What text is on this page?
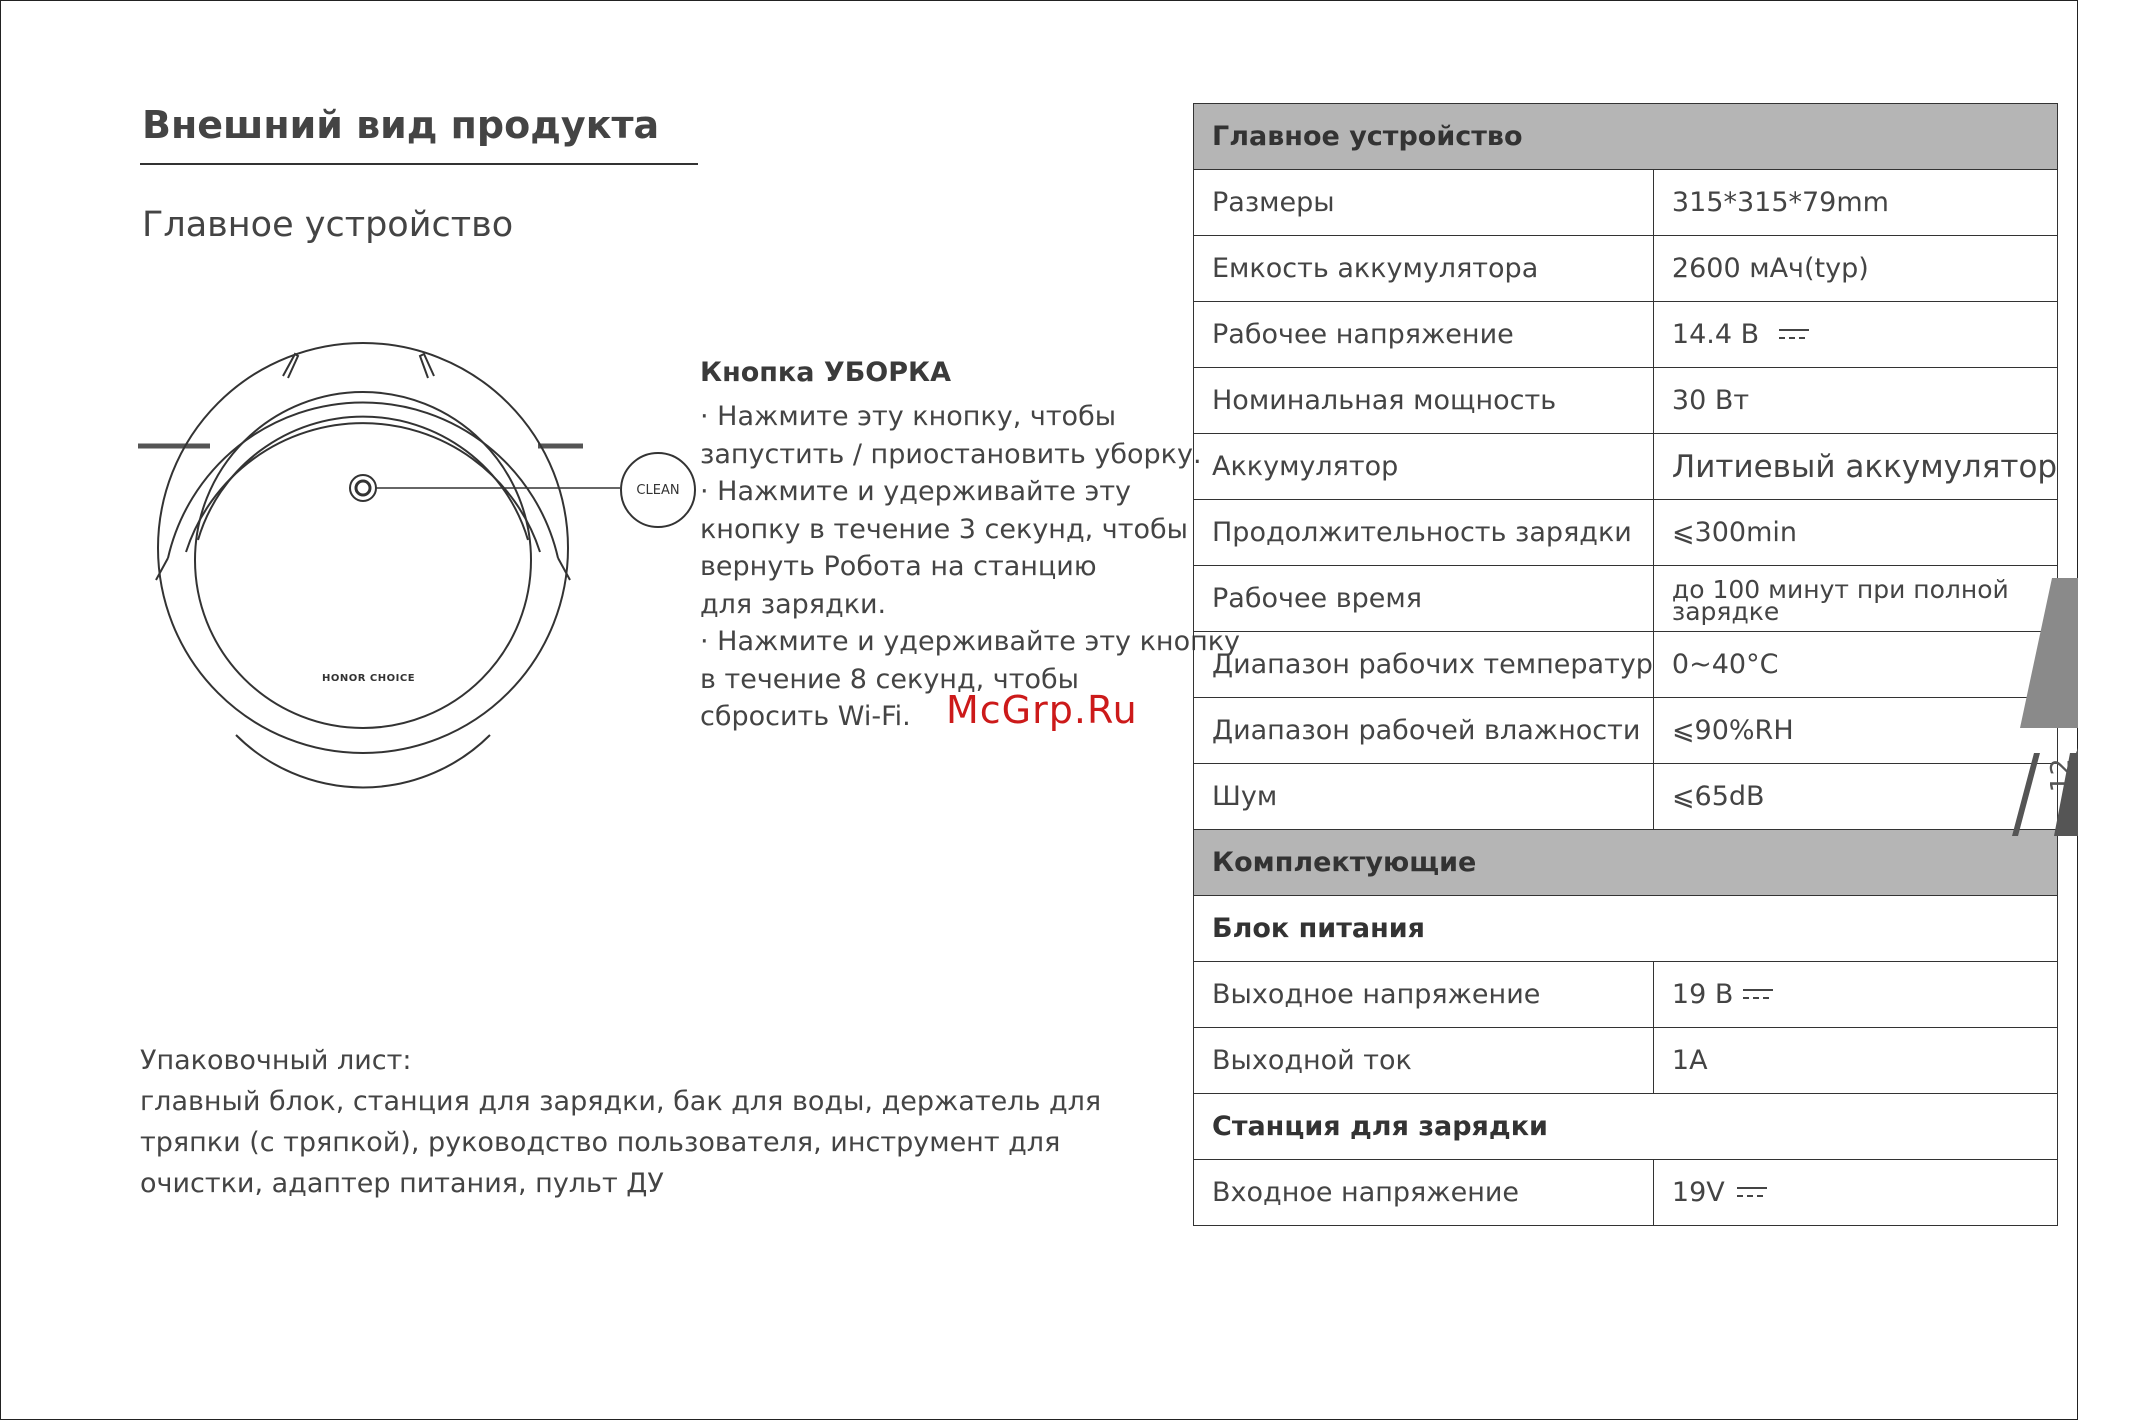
Внешний вид продукта
Главное устройство
CLEAN
HONOR CHOICE
Кнопка УБОРКА
· Нажмите эту кнопку, чтобы
запустить / приостановить уборку.
· Нажмите и удерживайте эту
кнопку в течение 3 секунд, чтобы
вернуть Робота на станцию
для зарядки.
· Нажмите и удерживайте эту кнопку
в течение 8 секунд, чтобы
сбросить Wi-Fi. McGrp.Ru
Упаковочный лист:
главный блок, станция для зарядки, бак для воды, держатель для
тряпки (с тряпкой), руководство пользователя, инструмент для
очистки, адаптер питания, пульт ДУ
Главное устройство	
Размеры	315*315*79mm
Емкость аккумулятора	2600 мАч(typ)
Рабочее напряжение	14.4 В
Номинальная мощность	30 Вт
Аккумулятор	Литиевый аккумулятор
Продолжительность зарядки	⩽300min
Рабочее время	до 100 минут при полной зарядке
Диапазон рабочих температур	0~40°C
Диапазон рабочей влажности	⩽90%RH
Шум	⩽65dB
Комплектующие	
Блок питания	
Выходное напряжение	19 В
Выходной ток	1A
Станция для зарядки	
Входное напряжение	19V
Русский
12
